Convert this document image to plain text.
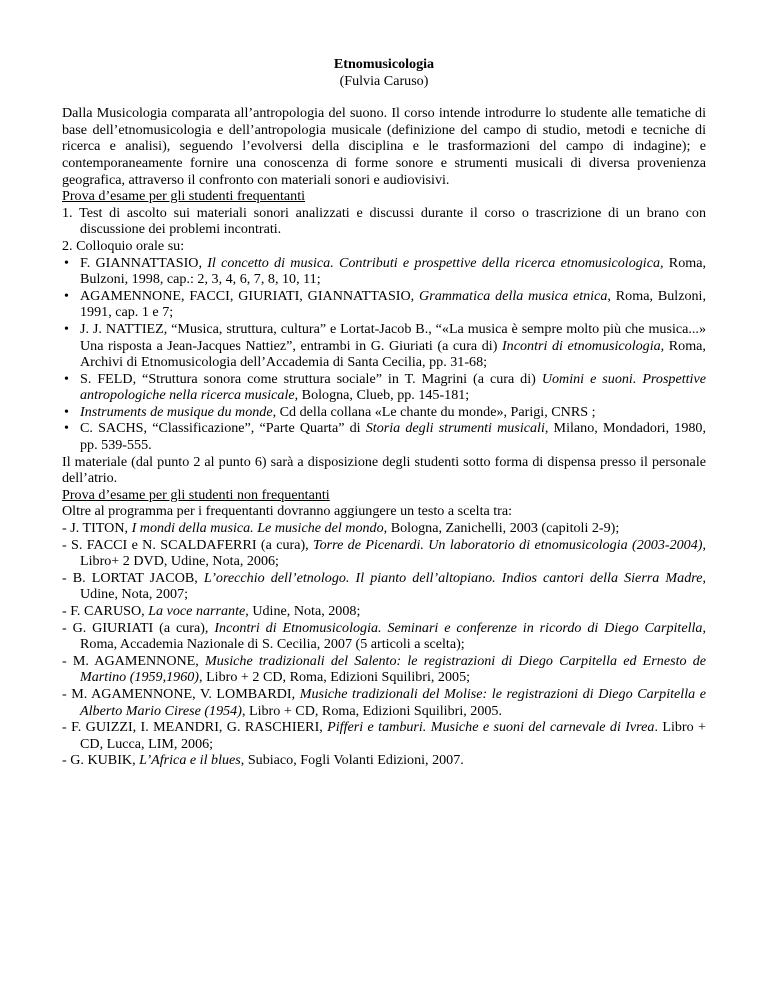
Etnomusicologia
(Fulvia Caruso)

Dalla Musicologia comparata all’antropologia del suono. Il corso intende introdurre lo studente alle tematiche di base dell’etnomusicologia e dell’antropologia musicale (definizione del campo di studio, metodi e tecniche di ricerca e analisi), seguendo l’evolversi della disciplina e le trasformazioni del campo di indagine); e contemporaneamente fornire una conoscenza di forme sonore e strumenti musicali di diversa provenienza geografica, attraverso il confronto con materiali sonori e audiovisivi.

Prova d’esame per gli studenti frequentanti

1. Test di ascolto sui materiali sonori analizzati e discussi durante il corso o trascrizione di un brano con discussione dei problemi incontrati.

2. Colloquio orale su:

• F. GIANNATTASIO, Il concetto di musica. Contributi e prospettive della ricerca etnomusicologica, Roma, Bulzoni, 1998, cap.: 2, 3, 4, 6, 7, 8, 10, 11;
• AGAMENNONE, FACCI, GIURIATI, GIANNATTASIO, Grammatica della musica etnica, Roma, Bulzoni, 1991, cap. 1 e 7;
• J. J. NATTIEZ, “Musica, struttura, cultura” e Lortat-Jacob B., “«La musica è sempre molto più che musica...» Una risposta a Jean-Jacques Nattiez”, entrambi in G. Giuriati (a cura di) Incontri di etnomusicologia, Roma, Archivi di Etnomusicologia dell’Accademia di Santa Cecilia, pp. 31-68;
• S. FELD, “Struttura sonora come struttura sociale” in T. Magrini (a cura di) Uomini e suoni. Prospettive antropologiche nella ricerca musicale, Bologna, Clueb, pp. 145-181;
• Instruments de musique du monde, Cd della collana «Le chante du monde», Parigi, CNRS ;
• C. SACHS, “Classificazione”, “Parte Quarta” di Storia degli strumenti musicali, Milano, Mondadori, 1980, pp. 539-555.

Il materiale (dal punto 2 al punto 6) sarà a disposizione degli studenti sotto forma di dispensa presso il personale dell’atrio.

Prova d’esame per gli studenti non frequentanti

Oltre al programma per i frequentanti dovranno aggiungere un testo a scelta tra:

- J. TITON, I mondi della musica. Le musiche del mondo, Bologna, Zanichelli, 2003 (capitoli 2-9);

- S. FACCI e N. SCALDAFERRI (a cura), Torre de Picenardi. Un laboratorio di etnomusicologia (2003-2004), Libro+ 2 DVD, Udine, Nota, 2006;

- B. LORTAT JACOB, L’orecchio dell’etnologo. Il pianto dell’altopiano. Indios cantori della Sierra Madre, Udine, Nota, 2007;

- F. CARUSO, La voce narrante, Udine, Nota, 2008;

- G. GIURIATI (a cura), Incontri di Etnomusicologia. Seminari e conferenze in ricordo di Diego Carpitella, Roma, Accademia Nazionale di S. Cecilia, 2007 (5 articoli a scelta);

- M. AGAMENNONE, Musiche tradizionali del Salento: le registrazioni di Diego Carpitella ed Ernesto de Martino (1959,1960), Libro + 2 CD, Roma, Edizioni Squilibri, 2005;

- M. AGAMENNONE, V. LOMBARDI, Musiche tradizionali del Molise: le registrazioni di Diego Carpitella e Alberto Mario Cirese (1954), Libro + CD, Roma, Edizioni Squilibri, 2005.

- F. GUIZZI, I. MEANDRI, G. RASCHIERI, Pifferi e tamburi. Musiche e suoni del carnevale di Ivrea. Libro + CD, Lucca, LIM, 2006;

- G. KUBIK, L’Africa e il blues, Subiaco, Fogli Volanti Edizioni, 2007.
